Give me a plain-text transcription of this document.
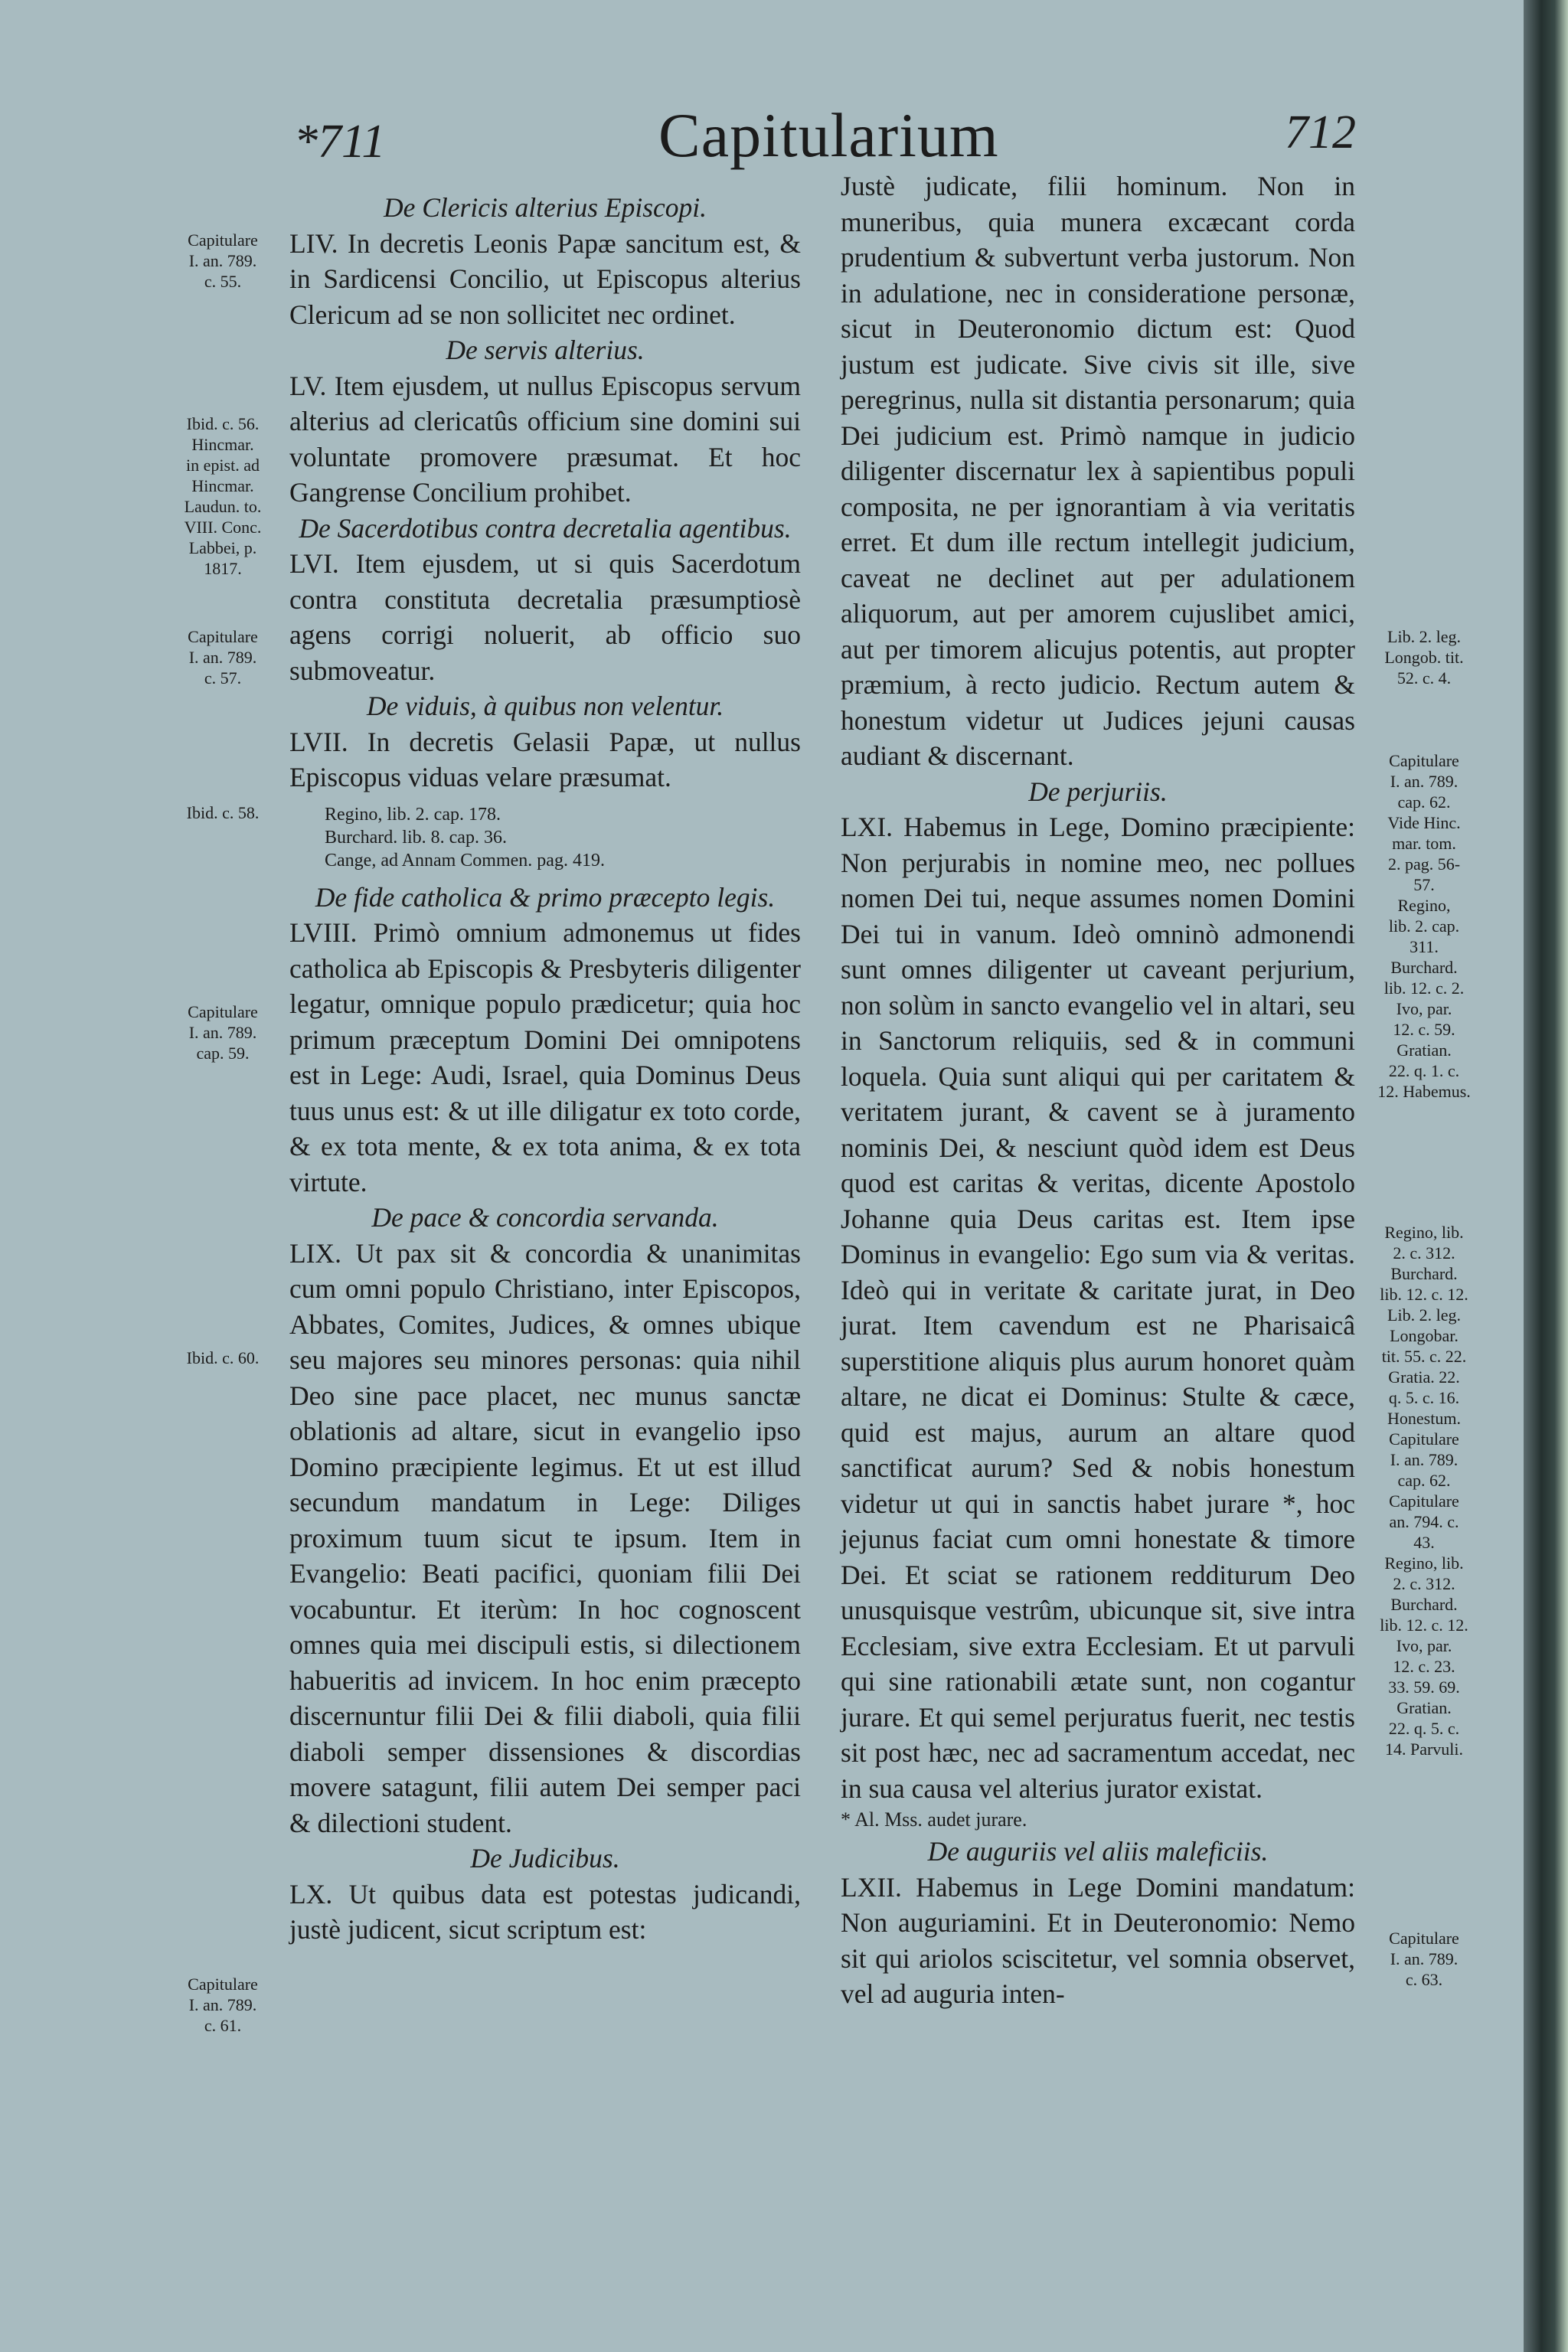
*711	Capitularium	712

De Clericis alterius Episcopi.

LIV. In decretis Leonis Papæ sancitum est, & in Sardicensi Concilio, ut Episcopus alterius Clericum ad se non sollicitet nec ordinet.

De servis alterius.

LV. Item ejusdem, ut nullus Episcopus servum alterius ad clericatûs officium sine domini sui voluntate promovere præsumat. Et hoc Gangrense Concilium prohibet.

De Sacerdotibus contra decretalia agentibus.

LVI. Item ejusdem, ut si quis Sacerdotum contra constituta decretalia præsumptiosè agens corrigi noluerit, ab officio suo submoveatur.

De viduis, à quibus non velentur.

LVII. In decretis Gelasii Papæ, ut nullus Episcopus viduas velare præsumat.

Regino, lib. 2. cap. 178.
Burchard. lib. 8. cap. 36.
Cange, ad Annam Commen. pag. 419.

De fide catholica & primo præcepto legis.

LVIII. Primò omnium admonemus ut fides catholica ab Episcopis & Presbyteris diligenter legatur, omnique populo prædicetur; quia hoc primum præceptum Domini Dei omnipotens est in Lege: Audi, Israel, quia Dominus Deus tuus unus est: & ut ille diligatur ex toto corde, & ex tota mente, & ex tota anima, & ex tota virtute.

De pace & concordia servanda.

LIX. Ut pax sit & concordia & unanimitas cum omni populo Christiano, inter Episcopos, Abbates, Comites, Judices, & omnes ubique seu majores seu minores personas: quia nihil Deo sine pace placet, nec munus sanctæ oblationis ad altare, sicut in evangelio ipso Domino præcipiente legimus. Et ut est illud secundum mandatum in Lege: Diliges proximum tuum sicut te ipsum. Item in Evangelio: Beati pacifici, quoniam filii Dei vocabuntur. Et iterùm: In hoc cognoscent omnes quia mei discipuli estis, si dilectionem habueritis ad invicem. In hoc enim præcepto discernuntur filii Dei & filii diaboli, quia filii diaboli semper dissensiones & discordias movere satagunt, filii autem Dei semper paci & dilectioni student.

De Judicibus.

LX. Ut quibus data est potestas judicandi, justè judicent, sicut scriptum est:

Justè judicate, filii hominum. Non in muneribus, quia munera excæcant corda prudentium & subvertunt verba justorum. Non in adulatione, nec in consideratione personæ, sicut in Deuteronomio dictum est: Quod justum est judicate. Sive civis sit ille, sive peregrinus, nulla sit distantia personarum; quia Dei judicium est. Primò namque in judicio diligenter discernatur lex à sapientibus populi composita, ne per ignorantiam à via veritatis erret. Et dum ille rectum intellegit judicium, caveat ne declinet aut per adulationem aliquorum, aut per amorem cujuslibet amici, aut per timorem alicujus potentis, aut propter præmium, à recto judicio. Rectum autem & honestum videtur ut Judices jejuni causas audiant & discernant.

De perjuriis.

LXI. Habemus in Lege, Domino præcipiente: Non perjurabis in nomine meo, nec pollues nomen Dei tui, neque assumes nomen Domini Dei tui in vanum. Ideò omninò admonendi sunt omnes diligenter ut caveant perjurium, non solùm in sancto evangelio vel in altari, seu in Sanctorum reliquiis, sed & in communi loquela. Quia sunt aliqui qui per caritatem & veritatem jurant, & cavent se à juramento nominis Dei, & nesciunt quòd idem est Deus quod est caritas & veritas, dicente Apostolo Johanne quia Deus caritas est. Item ipse Dominus in evangelio: Ego sum via & veritas. Ideò qui in veritate & caritate jurat, in Deo jurat. Item cavendum est ne Pharisaicâ superstitione aliquis plus aurum honoret quàm altare, ne dicat ei Dominus: Stulte & cæce, quid est majus, aurum an altare quod sanctificat aurum? Sed & nobis honestum videtur ut qui in sanctis habet jurare *, hoc jejunus faciat cum omni honestate & timore Dei. Et sciat se rationem redditurum Deo unusquisque vestrûm, ubicunque sit, sive intra Ecclesiam, sive extra Ecclesiam. Et ut parvuli qui sine rationabili ætate sunt, non cogantur jurare. Et qui semel perjuratus fuerit, nec testis sit post hæc, nec ad sacramentum accedat, nec in sua causa vel alterius jurator existat.

* Al. Mss. audet jurare.

De auguriis vel aliis maleficiis.

LXII. Habemus in Lege Domini mandatum: Non auguriamini. Et in Deuteronomio: Nemo sit qui ariolos sciscitetur, vel somnia observet, vel ad auguria inten-

Capitulare
I. an. 789.
c. 55.
Ibid. c. 56.
Hincmar.
in epist. ad
Hincmar.
Laudun. to.
VIII. Conc.
Labbei, p.
1817.
Capitulare
I. an. 789.
c. 57.
Ibid. c. 58.
Capitulare
I. an. 789.
cap. 59.
Ibid. c. 60.
Capitulare
I. an. 789.
c. 61.
Lib. 2. leg.
Longob. tit.
52. c. 4.
Capitulare
I. an. 789.
cap. 62.
Vide Hinc.
mar. tom.
2. pag. 56-
57.
Regino,
lib. 2. cap.
311.
Burchard.
lib. 12. c. 2.
Ivo, par.
12. c. 59.
Gratian.
22. q. 1. c.
12. Habemus.
Regino, lib.
2. c. 312.
Burchard.
lib. 12. c. 12.
Lib. 2. leg.
Longobar.
tit. 55. c. 22.
Gratia. 22.
q. 5. c. 16.
Honestum.
Capitulare
I. an. 789.
cap. 62.
Capitulare
an. 794. c.
43.
Regino, lib.
2. c. 312.
Burchard.
lib. 12. c. 12.
Ivo, par.
12. c. 23.
33. 59. 69.
Gratian.
22. q. 5. c.
14. Parvuli.
Capitulare
I. an. 789.
c. 63.
